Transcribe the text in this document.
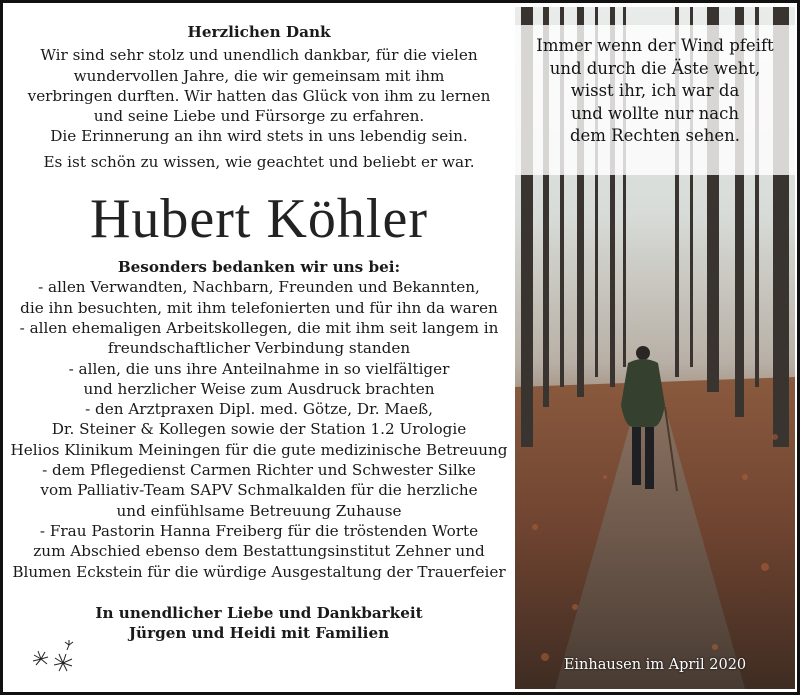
Herzlichen Dank
Wir sind sehr stolz und unendlich dankbar, für die vielen
wundervollen Jahre, die wir gemeinsam mit ihm
verbringen durften. Wir hatten das Glück von ihm zu lernen
und seine Liebe und Fürsorge zu erfahren.
Die Erinnerung an ihn wird stets in uns lebendig sein.
Es ist schön zu wissen, wie geachtet und beliebt er war.
Hubert Köhler
Besonders bedanken wir uns bei:
- allen Verwandten, Nachbarn, Freunden und Bekannten,
die ihn besuchten, mit ihm telefonierten und für ihn da waren
- allen ehemaligen Arbeitskollegen, die mit ihm seit langem in
freundschaftlicher Verbindung standen
- allen, die uns ihre Anteilnahme in so vielfältiger
und herzlicher Weise zum Ausdruck brachten
- den Arztpraxen Dipl. med. Götze, Dr. Maeß,
Dr. Steiner & Kollegen sowie der Station 1.2 Urologie
Helios Klinikum Meiningen für die gute medizinische Betreuung
- dem Pflegedienst Carmen Richter und Schwester Silke
vom Palliativ-Team SAPV Schmalkalden für die herzliche
und einfühlsame Betreuung Zuhause
- Frau Pastorin Hanna Freiberg für die tröstenden Worte
zum Abschied ebenso dem Bestattungsinstitut Zehner und
Blumen Eckstein für die würdige Ausgestaltung der Trauerfeier
In unendlicher Liebe und Dankbarkeit
Jürgen und Heidi mit Familien
Immer wenn der Wind pfeift
und durch die Äste weht,
wisst ihr, ich war da
und wollte nur nach
dem Rechten sehen.
Einhausen im April 2020
